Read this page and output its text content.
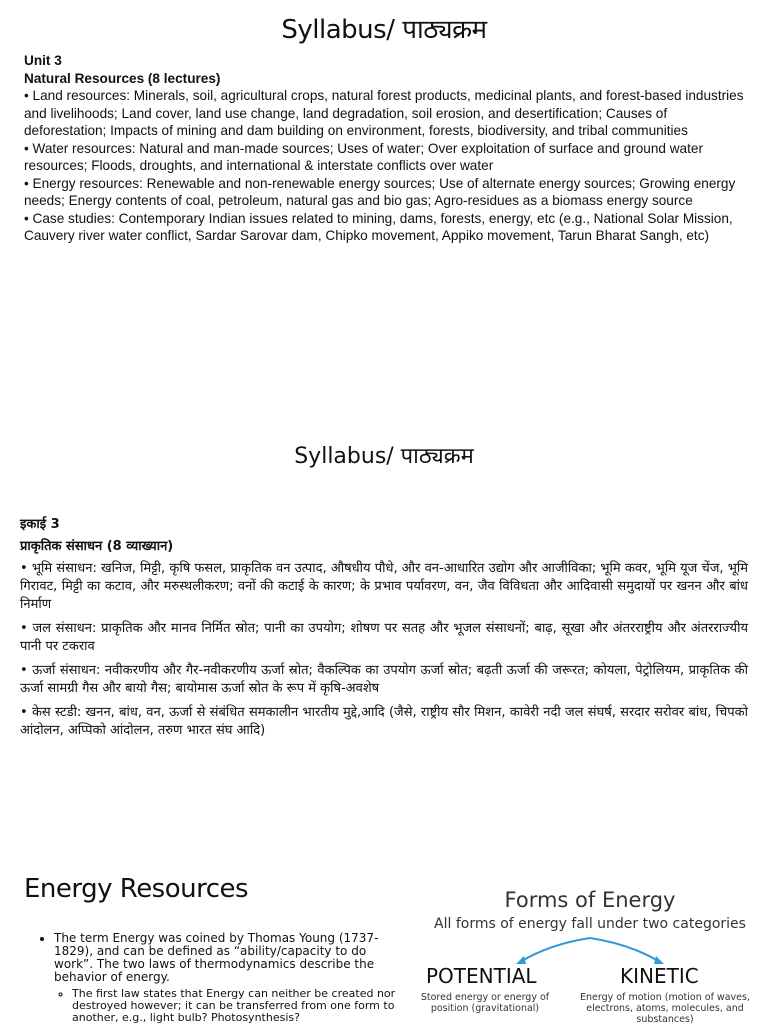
Syllabus/ पाठ्यक्रम
Unit 3
Natural Resources (8 lectures)

• Land resources: Minerals, soil, agricultural crops, natural forest products, medicinal plants, and forest-based industries and livelihoods; Land cover, land use change, land degradation, soil erosion, and desertification; Causes of deforestation; Impacts of mining and dam building on environment, forests, biodiversity, and tribal communities

• Water resources: Natural and man-made sources; Uses of water; Over exploitation of surface and ground water resources; Floods, droughts, and international & interstate conflicts over water

• Energy resources: Renewable and non-renewable energy sources; Use of alternate energy sources; Growing energy needs; Energy contents of coal, petroleum, natural gas and bio gas; Agro-residues as a biomass energy source

• Case studies: Contemporary Indian issues related to mining, dams, forests, energy, etc (e.g., National Solar Mission, Cauvery river water conflict, Sardar Sarovar dam, Chipko movement, Appiko movement, Tarun Bharat Sangh, etc)

Syllabus/ पाठ्यक्रम
इकाई 3
प्राकृतिक संसाधन (8 व्याख्यान)

• भूमि संसाधन: खनिज, मिट्टी, कृषि फसल, प्राकृतिक वन उत्पाद, औषधीय पौधे, और वन-आधारित उद्योग और आजीविका; भूमि कवर, भूमि यूज चेंज, भूमि गिरावट, मिट्टी का कटाव, और मरुस्थलीकरण; वनों की कटाई के कारण; के प्रभाव पर्यावरण, वन, जैव विविधता और आदिवासी समुदायों पर खनन और बांध निर्माण

• जल संसाधन: प्राकृतिक और मानव निर्मित स्रोत; पानी का उपयोग; शोषण पर सतह और भूजल संसाधनों; बाढ़, सूखा और अंतरराष्ट्रीय और अंतरराज्यीय पानी पर टकराव

• ऊर्जा संसाधन: नवीकरणीय और गैर-नवीकरणीय ऊर्जा स्रोत; वैकल्पिक का उपयोग ऊर्जा स्रोत; बढ़ती ऊर्जा की जरूरत; कोयला, पेट्रोलियम, प्राकृतिक की ऊर्जा सामग्री गैस और बायो गैस; बायोमास ऊर्जा स्रोत के रूप में कृषि-अवशेष

• केस स्टडी: खनन, बांध, वन, ऊर्जा से संबंधित समकालीन भारतीय मुद्दे,आदि (जैसे, राष्ट्रीय सौर मिशन, कावेरी नदी जल संघर्ष, सरदार सरोवर बांध, चिपको आंदोलन, अप्पिको आंदोलन, तरुण भारत संघ आदि)

Energy Resources
• The term Energy was coined by Thomas Young (1737-1829), and can be defined as “ability/capacity to do work”. The two laws of thermodynamics describe the behavior of energy.
◦ The first law states that Energy can neither be created nor destroyed however; it can be transferred from one form to another, e.g., light bulb? Photosynthesis?
Forms of Energy
All forms of energy fall under two categories
POTENTIAL	KINETIC
Stored energy or energy of position (gravitational)
Energy of motion (motion of waves, electrons, atoms, molecules, and substances)
